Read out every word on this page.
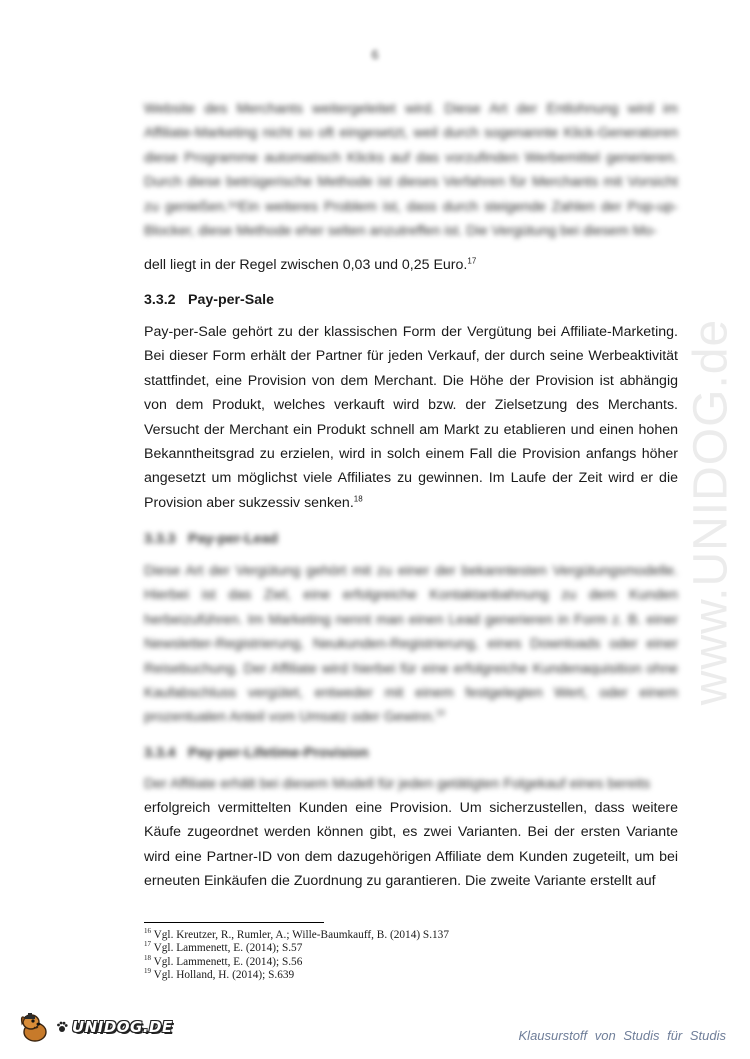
6

Website des Merchants weitergeleitet wird. Diese Art der Entlohnung wird im Affiliate-Marketing nicht so oft eingesetzt, weil durch sogenannte Klick-Generatoren diese Programme automatisch Klicks auf das vorzufinden Werbemittel generieren. Durch diese betrügerische Methode ist dieses Verfahren für Merchants mit Vorsicht zu genießen.¹⁶Ein weiteres Problem ist, dass durch steigende Zahlen der Pop-up-Blocker, diese Methode eher selten anzutreffen ist. Die Vergütung bei diesem Mo-

dell liegt in der Regel zwischen 0,03 und 0,25 Euro.$^{17}$

3.3.2 Pay-per-Sale

Pay-per-Sale gehört zu der klassischen Form der Vergütung bei Affiliate-Marketing. Bei dieser Form erhält der Partner für jeden Verkauf, der durch seine Werbeaktivität stattfindet, eine Provision von dem Merchant. Die Höhe der Provision ist abhängig von dem Produkt, welches verkauft wird bzw. der Zielsetzung des Merchants. Versucht der Merchant ein Produkt schnell am Markt zu etablieren und einen hohen Bekanntheitsgrad zu erzielen, wird in solch einem Fall die Provision anfangs höher angesetzt um möglichst viele Affiliates zu gewinnen. Im Laufe der Zeit wird er die Provision aber sukzessiv senken.$^{18}$

3.3.3 Pay-per-Lead

Diese Art der Vergütung gehört mit zu einer der bekanntesten Vergütungsmodelle. Hierbei ist das Ziel, eine erfolgreiche Kontaktanbahnung zu dem Kunden herbeizuführen. Im Marketing nennt man einen Lead generieren in Form z. B. einer Newsletter-Registrierung, Neukunden-Registrierung, eines Downloads oder einer Reisebuchung. Der Affiliate wird hierbei für eine erfolgreiche Kundenaquisition ohne Kaufabschluss vergütet, entweder mit einem festgelegten Wert, oder einem prozentualen Anteil vom Umsatz oder Gewinn.$^{19}$

3.3.4 Pay-per-Lifetime-Provision

Der Affiliate erhält bei diesem Modell für jeden getätigten Folgekauf eines bereits

erfolgreich vermittelten Kunden eine Provision. Um sicherzustellen, dass weitere Käufe zugeordnet werden können gibt, es zwei Varianten. Bei der ersten Variante wird eine Partner-ID von dem dazugehörigen Affiliate dem Kunden zugeteilt, um bei erneuten Einkäufen die Zuordnung zu garantieren. Die zweite Variante erstellt auf

$^{16}$ Vgl. Kreutzer, R., Rumler, A.; Wille-Baumkauff, B. (2014) S.137
$^{17}$ Vgl. Lammenett, E. (2014); S.57
$^{18}$ Vgl. Lammenett, E. (2014); S.56
$^{19}$ Vgl. Holland, H. (2014); S.639
www.UNIDOG.de
UNIDOG.DE	Klausurstoff von Studis für Studis
